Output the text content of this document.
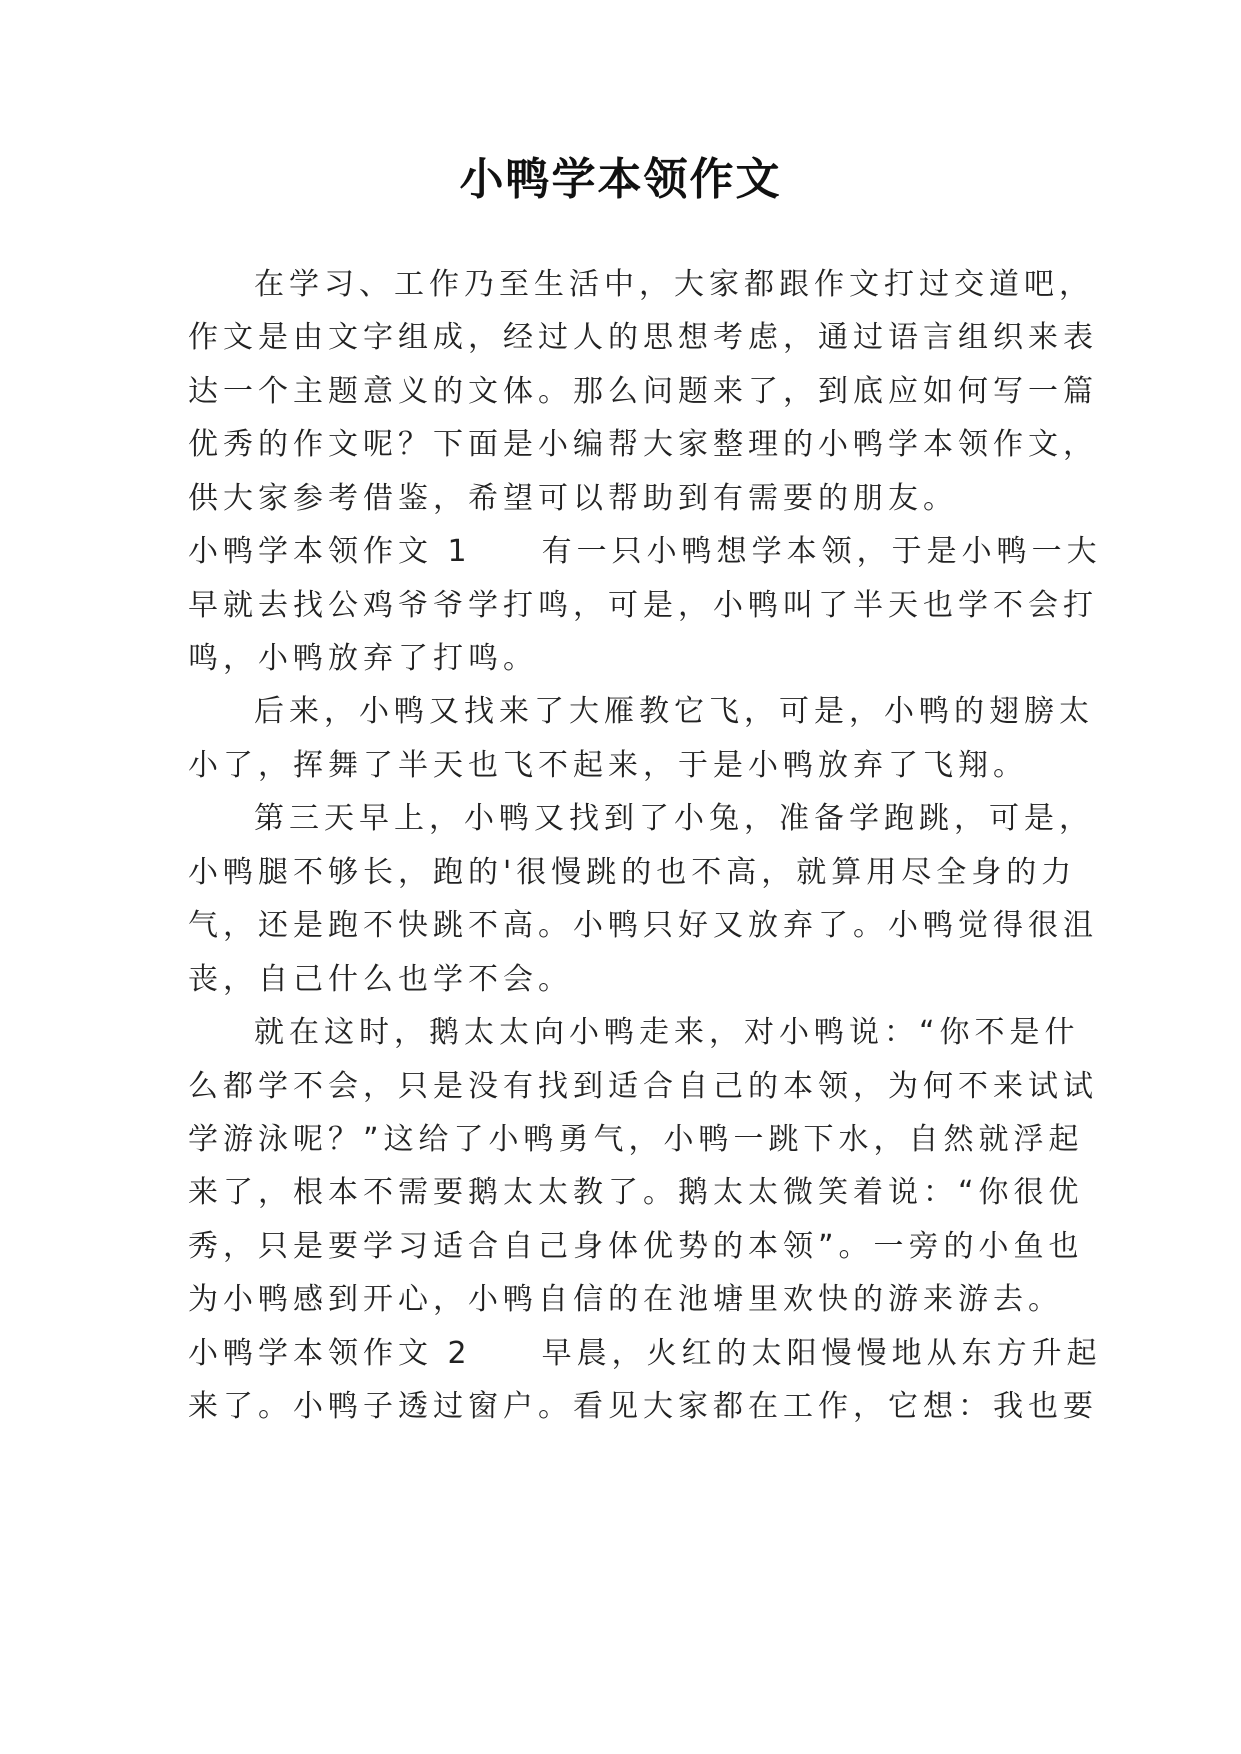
小鸭学本领作文
在学习、工作乃至生活中，大家都跟作文打过交道吧，
作文是由文字组成，经过人的思想考虑，通过语言组织来表
达一个主题意义的文体。那么问题来了，到底应如何写一篇
优秀的作文呢？下面是小编帮大家整理的小鸭学本领作文，
供大家参考借鉴，希望可以帮助到有需要的朋友。
小鸭学本领作文 1　　有一只小鸭想学本领，于是小鸭一大
早就去找公鸡爷爷学打鸣，可是，小鸭叫了半天也学不会打
鸣，小鸭放弃了打鸣。
后来，小鸭又找来了大雁教它飞，可是，小鸭的翅膀太
小了，挥舞了半天也飞不起来，于是小鸭放弃了飞翔。
第三天早上，小鸭又找到了小兔，准备学跑跳，可是，
小鸭腿不够长，跑的'很慢跳的也不高，就算用尽全身的力
气，还是跑不快跳不高。小鸭只好又放弃了。小鸭觉得很沮
丧，自己什么也学不会。
就在这时，鹅太太向小鸭走来，对小鸭说：“你不是什
么都学不会，只是没有找到适合自己的本领，为何不来试试
学游泳呢？”这给了小鸭勇气，小鸭一跳下水，自然就浮起
来了，根本不需要鹅太太教了。鹅太太微笑着说：“你很优
秀，只是要学习适合自己身体优势的本领”。一旁的小鱼也
为小鸭感到开心，小鸭自信的在池塘里欢快的游来游去。
小鸭学本领作文 2　　早晨，火红的太阳慢慢地从东方升起
来了。小鸭子透过窗户。看见大家都在工作，它想：我也要
